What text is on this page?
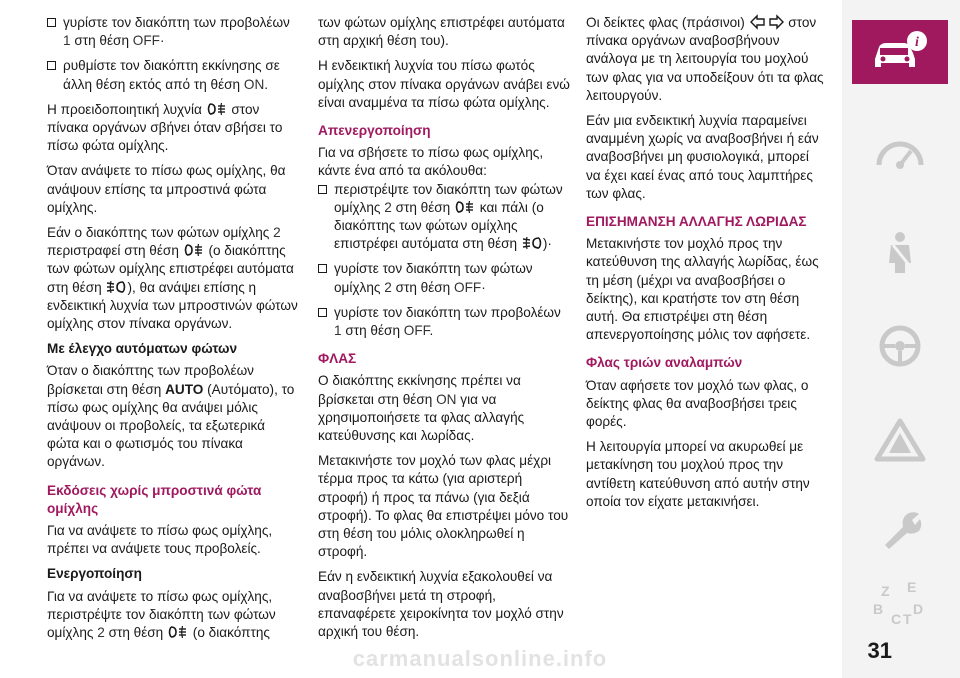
γυρίστε τον διακόπτη των προβολέων 1 στη θέση OFF·

ρυθμίστε τον διακόπτη εκκίνησης σε άλλη θέση εκτός από τη θέση ON.

Η προειδοποιητική λυχνία  στον πίνακα οργάνων σβήνει όταν σβήσει το πίσω φώτα ομίχλης.

Όταν ανάψετε το πίσω φως ομίχλης, θα ανάψουν επίσης τα μπροστινά φώτα ομίχλης.

Εάν ο διακόπτης των φώτων ομίχλης 2 περιστραφεί στη θέση  (ο διακόπτης των φώτων ομίχλης επιστρέφει αυτόματα στη θέση ), θα ανάψει επίσης η ενδεικτική λυχνία των μπροστινών φώτων ομίχλης στον πίνακα οργάνων.

Με έλεγχο αυτόματων φώτων

Όταν ο διακόπτης των προβολέων βρίσκεται στη θέση AUTO (Αυτόματο), το πίσω φως ομίχλης θα ανάψει μόλις ανάψουν οι προβολείς, τα εξωτερικά φώτα και ο φωτισμός του πίνακα οργάνων.

Εκδόσεις χωρίς μπροστινά φώτα ομίχλης

Για να ανάψετε το πίσω φως ομίχλης, πρέπει να ανάψετε τους προβολείς.

Ενεργοποίηση

Για να ανάψετε το πίσω φως ομίχλης, περιστρέψτε τον διακόπτη των φώτων ομίχλης 2 στη θέση  (ο διακόπτης

των φώτων ομίχλης επιστρέφει αυτόματα στη αρχική θέση του).

Η ενδεικτική λυχνία του πίσω φωτός ομίχλης στον πίνακα οργάνων ανάβει ενώ είναι αναμμένα τα πίσω φώτα ομίχλης.

Απενεργοποίηση

Για να σβήσετε το πίσω φως ομίχλης, κάντε ένα από τα ακόλουθα:

περιστρέψτε τον διακόπτη των φώτων ομίχλης 2 στη θέση  και πάλι (ο διακόπτης των φώτων ομίχλης επιστρέφει αυτόματα στη θέση )·

γυρίστε τον διακόπτη των φώτων ομίχλης 2 στη θέση OFF·

γυρίστε τον διακόπτη των προβολέων 1 στη θέση OFF.

ΦΛΑΣ

Ο διακόπτης εκκίνησης πρέπει να βρίσκεται στη θέση ON για να χρησιμοποιήσετε τα φλας αλλαγής κατεύθυνσης και λωρίδας.

Μετακινήστε τον μοχλό των φλας μέχρι τέρμα προς τα κάτω (για αριστερή στροφή) ή προς τα πάνω (για δεξιά στροφή). Το φλας θα επιστρέψει μόνο του στη θέση του μόλις ολοκληρωθεί η στροφή.

Εάν η ενδεικτική λυχνία εξακολουθεί να αναβοσβήνει μετά τη στροφή, επαναφέρετε χειροκίνητα τον μοχλό στην αρχική του θέση.

Οι δείκτες φλας (πράσινοι)	στον πίνακα οργάνων αναβοσβήνουν ανάλογα με τη λειτουργία του μοχλού των φλας για να υποδείξουν ότι τα φλας λειτουργούν.

Εάν μια ενδεικτική λυχνία παραμείνει αναμμένη χωρίς να αναβοσβήνει ή εάν αναβοσβήνει μη φυσιολογικά, μπορεί να έχει καεί ένας από τους λαμπτήρες των φλας.

ΕΠΙΣΗΜΑΝΣΗ ΑΛΛΑΓΗΣ ΛΩΡΙΔΑΣ

Μετακινήστε τον μοχλό προς την κατεύθυνση της αλλαγής λωρίδας, έως τη μέση (μέχρι να αναβοσβήσει ο δείκτης), και κρατήστε τον στη θέση αυτή. Θα επιστρέψει στη θέση απενεργοποίησης μόλις τον αφήσετε.

Φλας τριών αναλαμπών

Όταν αφήσετε τον μοχλό των φλας, ο δείκτης φλας θα αναβοσβήσει τρεις φορές.

Η λειτουργία μπορεί να ακυρωθεί με μετακίνηση του μοχλού προς την αντίθετη κατεύθυνση από αυτήν στην οποία τον είχατε μετακινήσει.

i
Z E
B D
C T
31
carmanualsonline.info
